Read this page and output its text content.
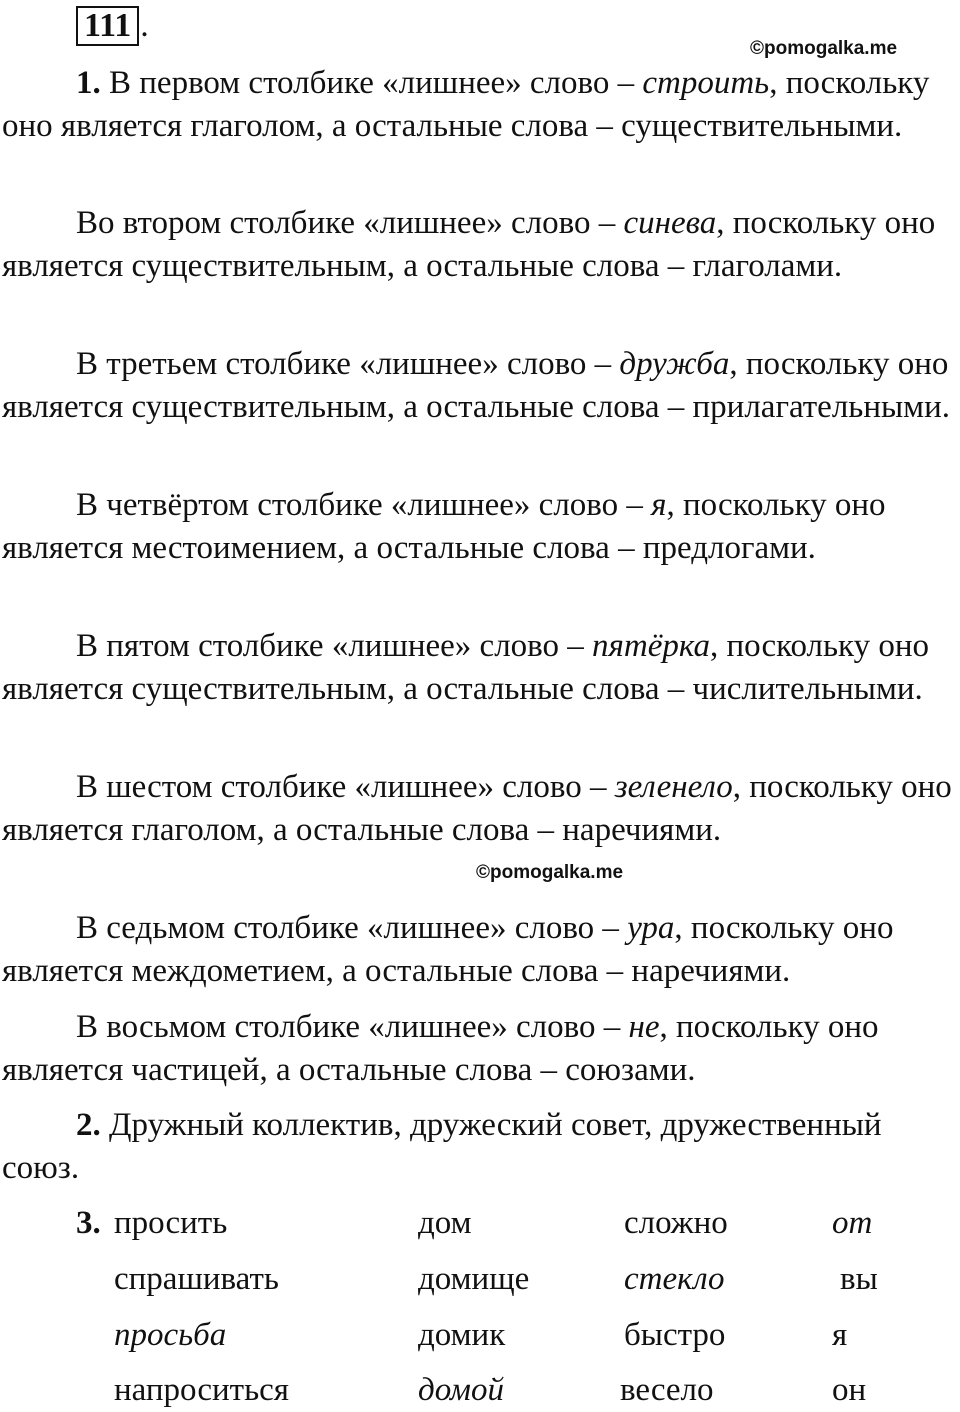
111 .
©pomogalka.me
©pomogalka.me

1. В первом столбике «лишнее» слово – строить, поскольку оно является глаголом, а остальные слова – существительными.

Во втором столбике «лишнее» слово – синева, поскольку оно является существительным, а остальные слова – глаголами.

В третьем столбике «лишнее» слово – дружба, поскольку оно является существительным, а остальные слова – прилагательными.

В четвёртом столбике «лишнее» слово – я, поскольку оно является местоимением, а остальные слова – предлогами.

В пятом столбике «лишнее» слово – пятёрка, поскольку оно является существительным, а остальные слова – числительными.

В шестом столбике «лишнее» слово – зеленело, поскольку оно является глаголом, а остальные слова – наречиями.

В седьмом столбике «лишнее» слово – ура, поскольку оно является междометием, а остальные слова – наречиями.

В восьмом столбике «лишнее» слово – не, поскольку оно является частицей, а остальные слова – союзами.

2. Дружный коллектив, дружеский совет, дружественный союз.

3. просить	дом	сложно	от
спрашивать	домище	стекло	вы
просьба	домик	быстро	я
напроситься	домой	весело	он
